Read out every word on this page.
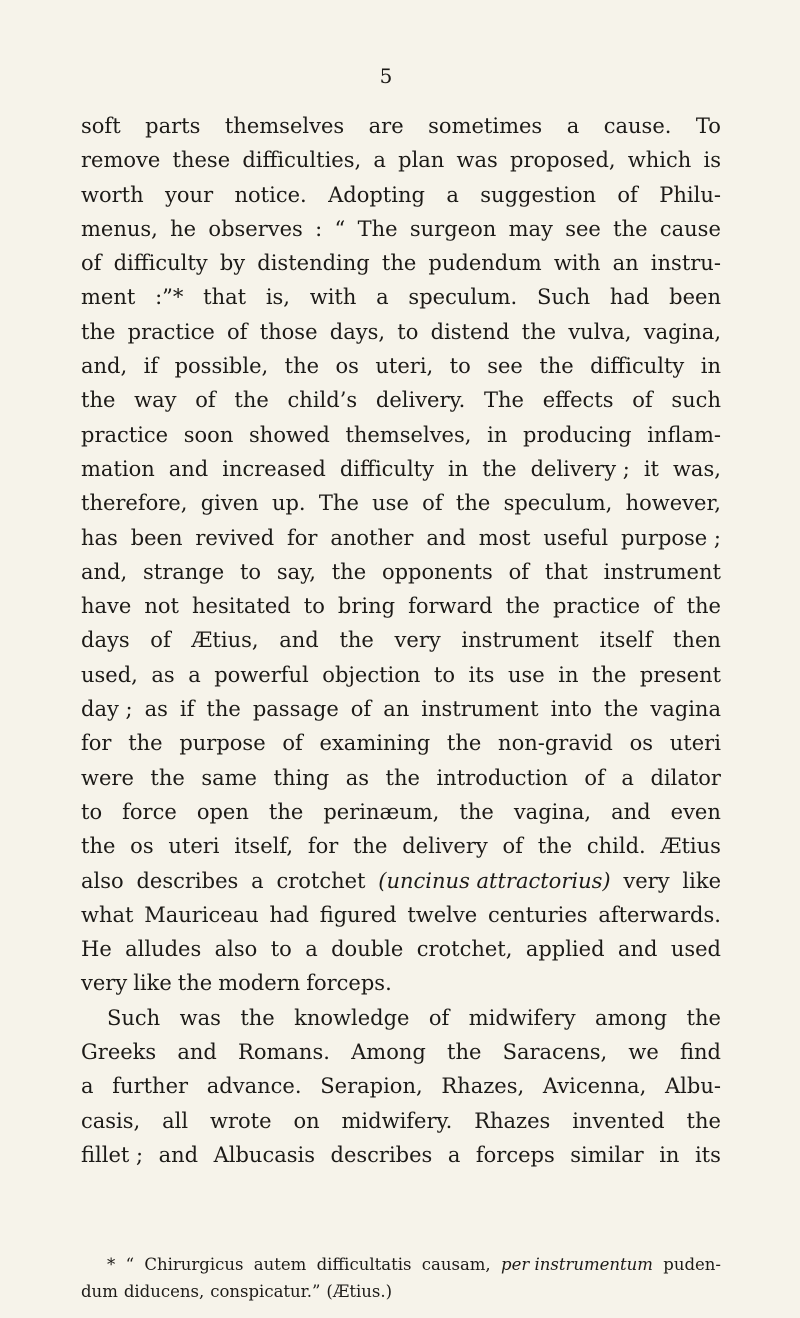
5
soft parts themselves are sometimes a cause. To
remove these difficulties, a plan was proposed, which is
worth your notice. Adopting a suggestion of Philu-
menus, he observes : “ The surgeon may see the cause
of difficulty by distending the pudendum with an instru-
ment :”* that is, with a speculum. Such had been
the practice of those days, to distend the vulva, vagina,
and, if possible, the os uteri, to see the difficulty in
the way of the child’s delivery. The effects of such
practice soon showed themselves, in producing inflam-
mation and increased difficulty in the delivery ; it was,
therefore, given up. The use of the speculum, however,
has been revived for another and most useful purpose ;
and, strange to say, the opponents of that instrument
have not hesitated to bring forward the practice of the
days of Ætius, and the very instrument itself then
used, as a powerful objection to its use in the present
day ; as if the passage of an instrument into the vagina
for the purpose of examining the non-gravid os uteri
were the same thing as the introduction of a dilator
to force open the perinæum, the vagina, and even
the os uteri itself, for the delivery of the child. Ætius
also describes a crotchet (uncinus attractorius) very like
what Mauriceau had figured twelve centuries afterwards.
He alludes also to a double crotchet, applied and used
very like the modern forceps.
Such was the knowledge of midwifery among the
Greeks and Romans. Among the Saracens, we find
a further advance. Serapion, Rhazes, Avicenna, Albu-
casis, all wrote on midwifery. Rhazes invented the
fillet ; and Albucasis describes a forceps similar in its
* “ Chirurgicus autem difficultatis causam, per instrumentum puden-
dum diducens, conspicatur.” (Ætius.)
